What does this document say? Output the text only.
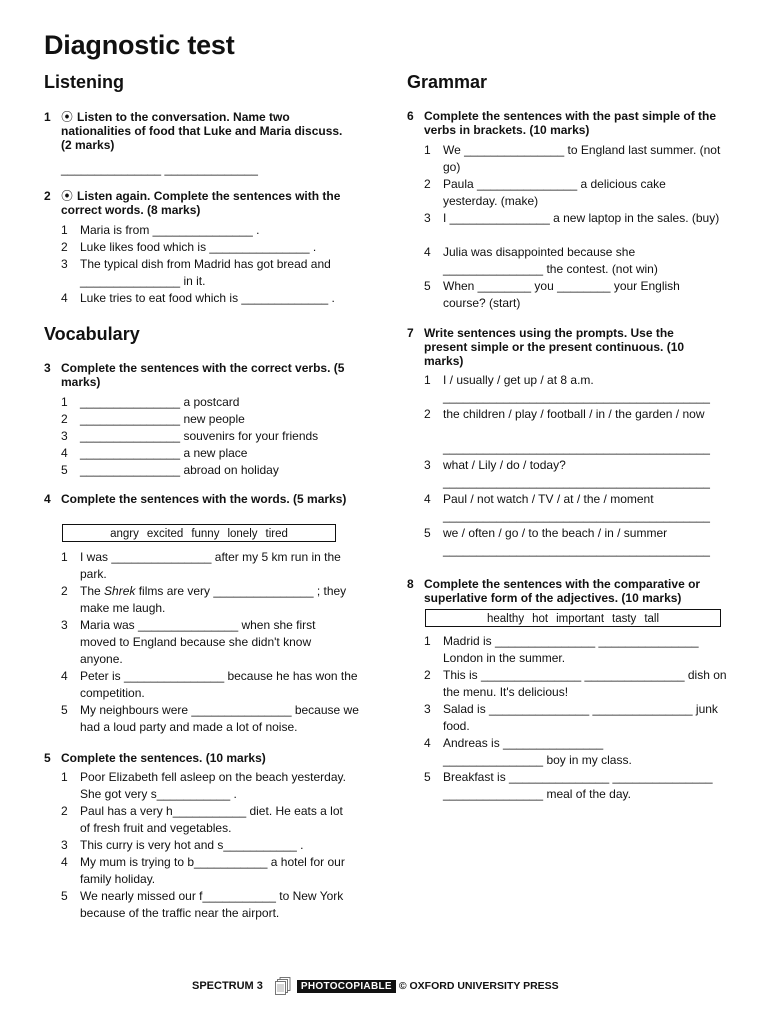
Diagnostic test
Listening
1 ⦿ Listen to the conversation. Name two nationalities of food that Luke and Maria discuss. (2 marks)
_______________ ______________
2 ⦿ Listen again. Complete the sentences with the correct words. (8 marks)
1 Maria is from _______________ .
2 Luke likes food which is _______________ .
3 The typical dish from Madrid has got bread and _______________ in it.
4 Luke tries to eat food which is _____________ .
Vocabulary
3 Complete the sentences with the correct verbs. (5 marks)
1 _______________ a postcard
2 _______________ new people
3 _______________ souvenirs for your friends
4 _______________ a new place
5 _______________ abroad on holiday
4 Complete the sentences with the words. (5 marks)
angry excited funny lonely tired
1 I was _______________ after my 5 km run in the park.
2 The Shrek films are very _______________ ; they make me laugh.
3 Maria was _______________ when she first moved to England because she didn't know anyone.
4 Peter is _______________ because he has won the competition.
5 My neighbours were _______________ because we had a loud party and made a lot of noise.
5 Complete the sentences. (10 marks)
1 Poor Elizabeth fell asleep on the beach yesterday. She got very s___________ .
2 Paul has a very h___________ diet. He eats a lot of fresh fruit and vegetables.
3 This curry is very hot and s___________ .
4 My mum is trying to b___________ a hotel for our family holiday.
5 We nearly missed our f___________ to New York because of the traffic near the airport.
Grammar
6 Complete the sentences with the past simple of the verbs in brackets. (10 marks)
1 We _______________ to England last summer. (not go)
2 Paula _______________ a delicious cake yesterday. (make)
3 I _______________ a new laptop in the sales. (buy)
4 Julia was disappointed because she _______________ the contest. (not win)
5 When ________ you ________ your English course? (start)
7 Write sentences using the prompts. Use the present simple or the present continuous. (10 marks)
1 I / usually / get up / at 8 a.m.
________________________________________
2 the children / play / football / in / the garden / now
________________________________________
3 what / Lily / do / today?
________________________________________
4 Paul / not watch / TV / at / the / moment
________________________________________
5 we / often / go / to the beach / in / summer
________________________________________
8 Complete the sentences with the comparative or superlative form of the adjectives. (10 marks)
healthy hot important tasty tall
1 Madrid is _______________ _______________ London in the summer.
2 This is _______________ _______________ dish on the menu. It's delicious!
3 Salad is _______________ _______________ junk food.
4 Andreas is _______________ _______________ boy in my class.
5 Breakfast is _______________ _______________ _______________ meal of the day.
SPECTRUM 3	PHOTOCOPIABLE © OXFORD UNIVERSITY PRESS
